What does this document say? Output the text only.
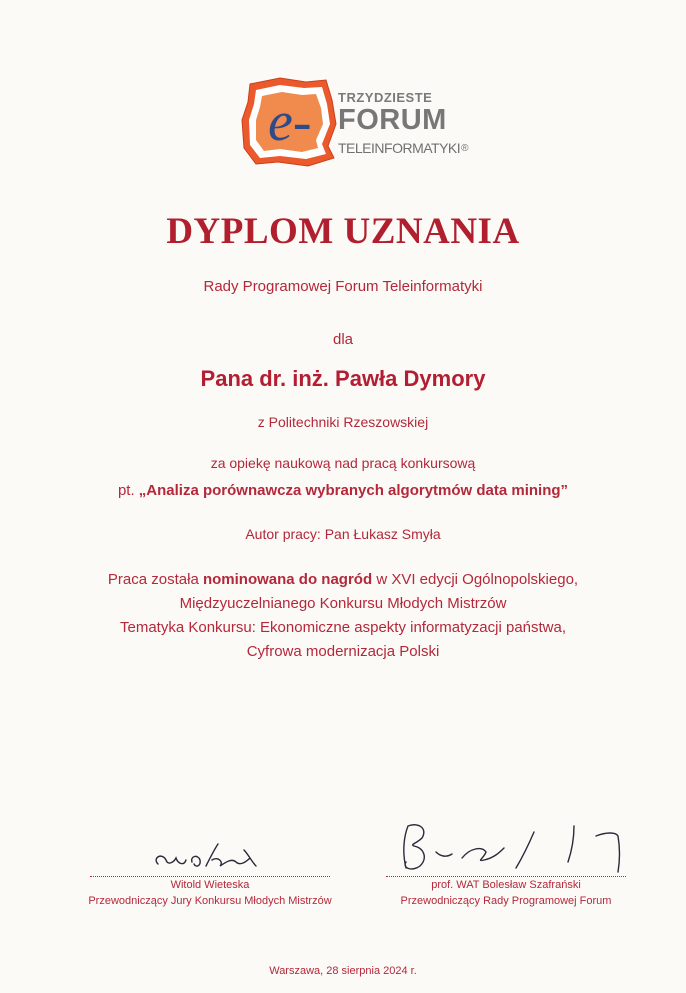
e- TRZYDZIESTE
FORUM
TELEINFORMATYKI®
DYPLOM UZNANIA
Rady Programowej Forum Teleinformatyki
dla
Pana dr. inż. Pawła Dymory
z Politechniki Rzeszowskiej
za opiekę naukową nad pracą konkursową
pt. „Analiza porównawcza wybranych algorytmów data mining”
Autor pracy: Pan Łukasz Smyła
Praca została nominowana do nagród w XVI edycji Ogólnopolskiego,
Międzyuczelnianego Konkursu Młodych Mistrzów
Tematyka Konkursu: Ekonomiczne aspekty informatyzacji państwa,
Cyfrowa modernizacja Polski
Witold Wieteska
Przewodniczący Jury Konkursu Młodych Mistrzów
prof. WAT Bolesław Szafrański
Przewodniczący Rady Programowej Forum
Warszawa, 28 sierpnia 2024 r.
